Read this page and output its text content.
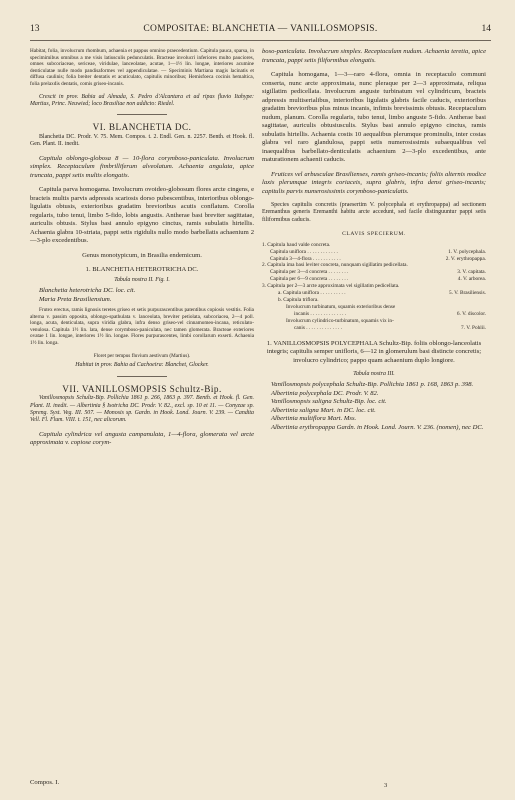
13	COMPOSITAE: BLANCHETIA — VANILLOSMOPSIS.	14

Habitat, folia, involucrum rhombum, achaenia et pappus omnino praecedentium. Capitula pauca, sparsa, in specimimibus omnibus a me visis latiusculis pedunculatis. Bracteae involucri inferiores multo pauciores, omnes subcoriaceae, sericeae, viridulae, lanceolatae, acutae, 1—1½ lin. longae, interiores acumine denticulatae nulle modo pandisaformes vel appendiculatae. — Speciminis Martiana magis lacinatis et diffusa caulinis; folia breiter dentatis et acuticulato, capitulis minoribus; Hemisfoeca cocinis hemaltica, folia prelaxdis dentatis, comis griseo-incanis.

Crescit in prov. Bahia ad Almada, S. Pedro d'Alcantara et ad ripas fluvio Itahype: Martius, Princ. Neuwied; loco Brasiliae non addicto: Riedel.

VI. BLANCHETIA DC.

Blanchetia DC. Prodr. V. 75. Mem. Compos. t. 2. Endl. Gen. n. 2257. Benth. et Hook. fl. Gen. Plant. II. inedit.

Capitula oblongo-globosa 8 — 10-flora corymboso-paniculata. Involucrum simplex. Receptaculum fimbrilliferum alveolatum. Achaenia angulata, apice truncata, pappi setis multis elongatis.

Capitula parva homogama. Involucrum ovoideo-globosum flores arcte cingens, e bracteis multis parvis adpressis scariosis dorso pubescentibus, interioribus oblongo-ligulatis obtusis, exterioribus gradatim brevioribus acutis conflatum. Corolla regularis, tubo tenui, limbo 5-fido, lobis angustis. Antherae basi breviter sagittatae, auriculis obtusis. Stylus basi annulo epigyno cinctus, ramis subulatis hirtellis. Achaenia glabra 10-striata, pappi setis rigidulis nullo modo barbellatis achaenium 2—3-plo excedentibus.

Genus monotypicum, in Brasilia endemicum.

1. BLANCHETIA HETEROTRICHA DC.

Tabula nostra II. Fig. I.

Blanchetia heterotricha DC. loc. cit.

Maria Preta Brasiliensium.

Frutex erectus, ramis lignosis teretes griseo et setis purpurascentibus patentibus copiosis vestitis. Folia alterna v. passim opposita, oblongo-spathulata v. lanceolata, breviter petiolata, subcoriacea, 2—4 poll. longa, acuta, denticulata, supra viridia glabra, infra denso griseo-vel cinnamomeo-incana, reticulato-venulosa. Capitula 1½ lin. lata, dense corymboso-paniculata, nec tamen glomerata. Bracteae exteriores ovatae 1 lin. longae, interiores 1½ lin. longae. Flores purpurascentes, limbi corollarum exserti. Achaenia 1½ lin. longa.

Floret per tempus fluvium aestivum (Martius).

Habitat in prov. Bahia ad Cachoeira: Blanchet, Glocker.

VII. VANILLOSMOPSIS Schultz-Bip.

Vanillosmopsis Schultz-Bip. Pollichia 1861 p. 266, 1863 p. 397. Benth. et Hook. fl. Gen. Plant. II. inedit. — Albertinia § Isotricha DC. Prodr. V. 82., excl. sp. 10 et 11. — Conyzae sp. Spreng. Syst. Veg. III. 507. — Monosis sp. Gardn. in Hook. Lond. Journ. V. 239. — Candita Vell. Fl. Flum. VIII. t. 151, nec alicorum.

Capitula cylindrica vel angusta campanulata, 1—4-flora, glomerata vel arcte approximata v. copiose corym-

boso-paniculata. Involucrum simplex. Receptaculum nudum. Achaenia teretia, apice truncata, pappi setis filiformibus elongatis.

Capitula homogama, 1—3—raro 4-flora, omnia in receptaculo communi conserta, nunc arcte approximata, nunc pleraque per 2—3 approximata, reliqua sigillatim pedicellata. Involucrum anguste turbinatum vel cylindricum, bracteis adpressis multiserialibus, interioribus ligulatis glabris facile caducis, exterioribus gradatim brevioribus plus minus incanis, infimis brevissimis obtusis. Receptaculum nudum, planum. Corolla regularis, tubo tenui, limbo anguste 5-fido. Antherae basi sagittatae, auriculis obtusiusculis. Stylus basi annulo epigyno cinctus, ramis subulatis hirtellis. Achaenia costis 10 aequalibus plerumque prominulis, inter costas glabra vel raro glandulosa, pappi setis numerosissimis subaequalibus vel inaequalibus barbellato-denticulatis achaenium 2—3-plo excedentibus, ante maturationem achaenii caducis.

Frutices vel arbusculae Brasilienses, ramis griseo-incanis; foliis alternis modice laxis plerumque integris coriaceis, supra glabris, infra densi griseo-incanis; capitulis parvis numerosissimis corymboso-paniculatis.

Species capitulis concretis (praesertim V. polycephala et erythropappa) ad sectionem Eremanthus generis Eremanthi habitu arcte accedunt, sed facile distinguuntur pappi setis filiformibus caducis.

CLAVIS SPECIERUM.
1. Capitula haud valde concreta.
Capitula uniflora . . . . . . . . . . . .	1. V. polycephala.
Capitula 3—4-flora . . . . . . . . . . .	2. V. erythropappa.
2. Capitula ima basi leviter concreta, nunquam sigillatim pedicellata.
Capitula per 3—4 concreta . . . . . . . .	3. V. capitata.
Capitula per 6—9 concreta . . . . . . . .	4. V. arborea.
3. Capitula per 2—3 arcte approximata vel sigillatim pedicellata.
a. Capitula uniflora . . . . . . . . . .	5. V. Brasiliensis.
b. Capitula triflora.
Involucrum turbinatum, squamis exterioribus dense
incanis . . . . . . . . . . . . . .	6. V. discolor.
Involucrum cylindrico-turbinatum, squamis vix in-
canis . . . . . . . . . . . . . .	7. V. Pohlii.

1. VANILLOSMOPSIS POLYCEPHALA Schultz-Bip. foliis oblongo-lanceolatis integris; capitulis semper unifloris, 6—12 in glomerulum basi distincte concretis; involucro cylindrico; pappo quam achaenium duplo longiore.

Tabula nostra III.

Vanillosmopsis polycephala Schultz-Bip. Pollichia 1861 p. 168, 1863 p. 398.

Albertinia polycephala DC. Prodr. V. 82.

Vanillosmopsis saligna Schultz-Bip. loc. cit.

Albertinia saligna Mart. in DC. loc. cit.

Albertinia multiflora Mart. Mss.

Albertinia erythropappa Gardn. in Hook. Lond. Journ. V. 236. (nomen), nec DC.

Compos. I.	3
